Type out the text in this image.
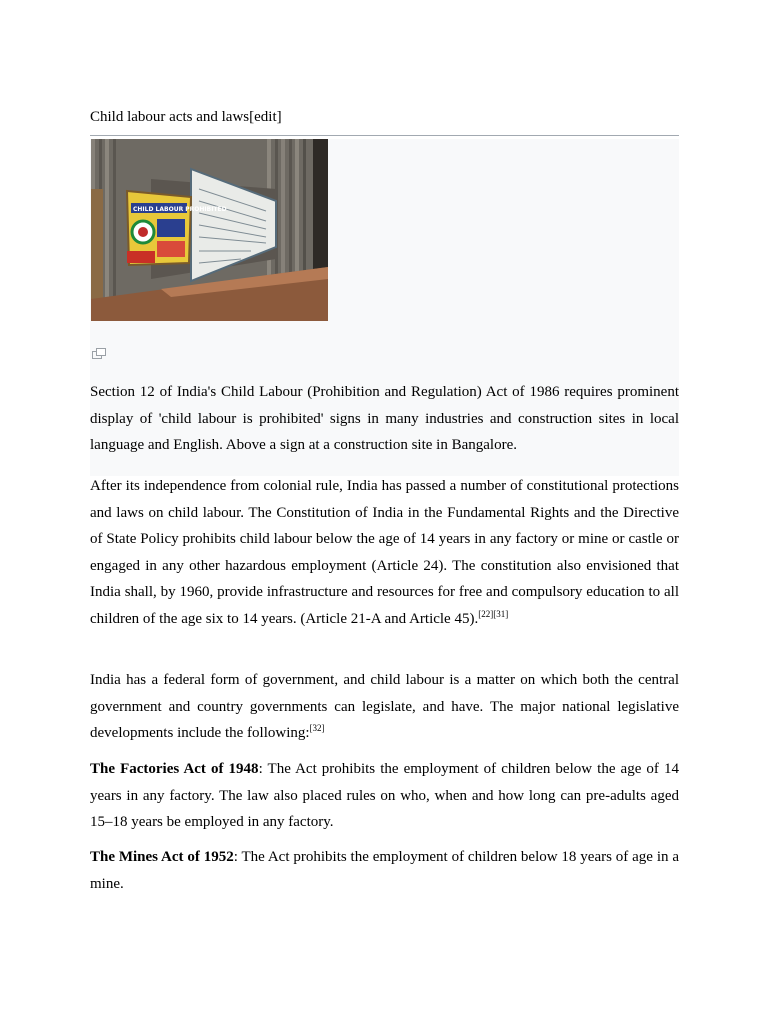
Child labour acts and laws[edit]
CHILD LABOUR PROHIBITED

Section 12 of India's Child Labour (Prohibition and Regulation) Act of 1986 requires prominent display of 'child labour is prohibited' signs in many industries and construction sites in local language and English. Above a sign at a construction site in Bangalore.

After its independence from colonial rule, India has passed a number of constitutional protections and laws on child labour. The Constitution of India in the Fundamental Rights and the Directive of State Policy prohibits child labour below the age of 14 years in any factory or mine or castle or engaged in any other hazardous employment (Article 24). The constitution also envisioned that India shall, by 1960, provide infrastructure and resources for free and compulsory education to all children of the age six to 14 years. (Article 21-A and Article 45).[22][31]

India has a federal form of government, and child labour is a matter on which both the central government and country governments can legislate, and have. The major national legislative developments include the following:[32]

The Factories Act of 1948: The Act prohibits the employment of children below the age of 14 years in any factory. The law also placed rules on who, when and how long can pre-adults aged 15–18 years be employed in any factory.

The Mines Act of 1952: The Act prohibits the employment of children below 18 years of age in a mine.
